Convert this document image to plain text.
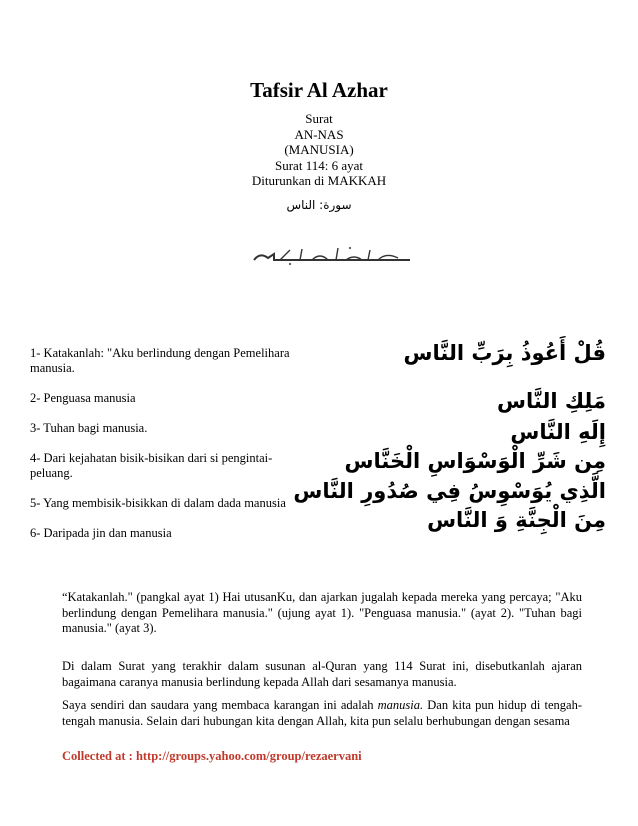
Tafsir Al Azhar
Surat
AN-NAS
(MANUSIA)
Surat 114: 6 ayat
Diturunkan di MAKKAH
سورة: الناس

1- Katakanlah: "Aku berlindung dengan Pemelihara manusia.

2- Penguasa manusia

3- Tuhan bagi manusia.

4- Dari kejahatan bisik-bisikan dari si pengintai-peluang.

5- Yang membisik-bisikkan di dalam dada manusia

6- Daripada jin dan manusia

قُلْ أَعُوذُ بِرَبِّ النَّاس
مَلِكِ النَّاس
إِلَهِ النَّاس
مِن شَرِّ الْوَسْوَاسِ الْخَنَّاس
الَّذِي يُوَسْوِسُ فِي صُدُورِ النَّاس
مِنَ الْجِنَّةِ وَ النَّاس

“Katakanlah." (pangkal ayat 1) Hai utusanKu, dan ajarkan jugalah kepada mereka yang percaya; "Aku berlindung dengan Pemelihara manusia." (ujung ayat 1). "Penguasa manusia." (ayat 2). "Tuhan bagi manusia." (ayat 3).

Di dalam Surat yang terakhir dalam susunan al-Quran yang 114 Surat ini, disebutkanlah ajaran bagaimana caranya manusia berlindung kepada Allah dari sesamanya manusia.

Saya sendiri dan saudara yang membaca karangan ini adalah manusia. Dan kita pun hidup di tengah-tengah manusia. Selain dari hubungan kita dengan Allah, kita pun selalu berhubungan dengan sesama

Collected at : http://groups.yahoo.com/group/rezaervani
